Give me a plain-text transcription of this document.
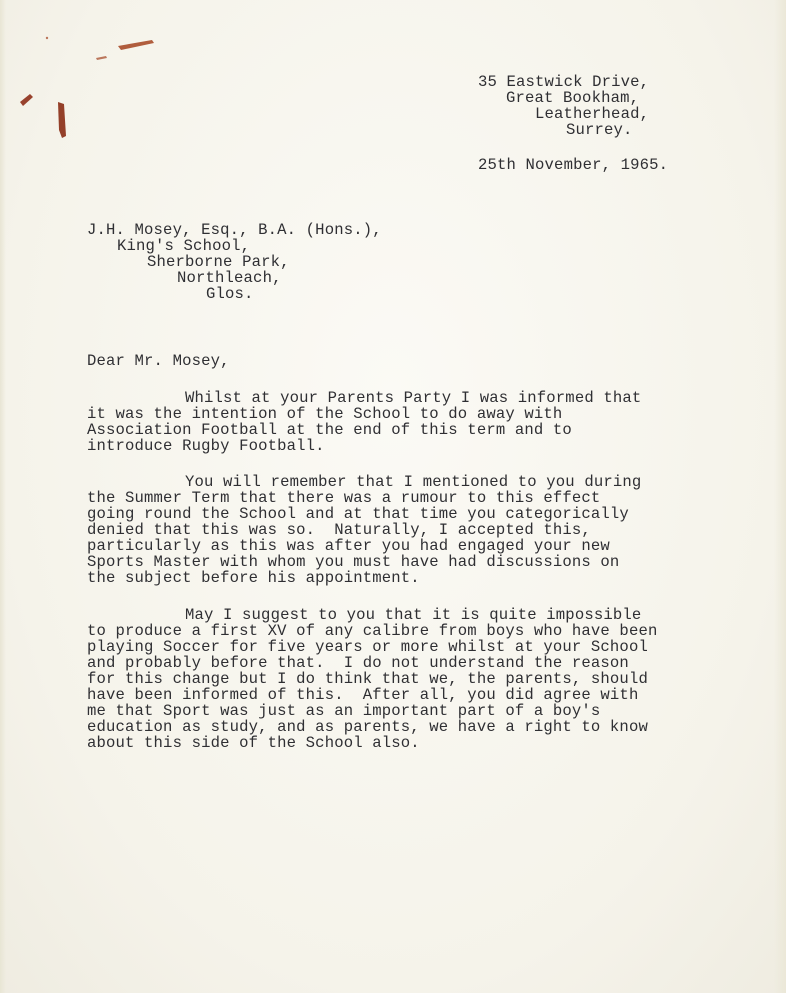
35 Eastwick Drive,
Great Bookham,
Leatherhead,
Surrey.
25th November, 1965.
J.H. Mosey, Esq., B.A. (Hons.),
King's School,
Sherborne Park,
Northleach,
Glos.
Dear Mr. Mosey,
Whilst at your Parents Party I was informed that
it was the intention of the School to do away with
Association Football at the end of this term and to
introduce Rugby Football.
You will remember that I mentioned to you during
the Summer Term that there was a rumour to this effect
going round the School and at that time you categorically
denied that this was so.  Naturally, I accepted this,
particularly as this was after you had engaged your new
Sports Master with whom you must have had discussions on
the subject before his appointment.
May I suggest to you that it is quite impossible
to produce a first XV of any calibre from boys who have been
playing Soccer for five years or more whilst at your School
and probably before that.  I do not understand the reason
for this change but I do think that we, the parents, should
have been informed of this.  After all, you did agree with
me that Sport was just as an important part of a boy's
education as study, and as parents, we have a right to know
about this side of the School also.
